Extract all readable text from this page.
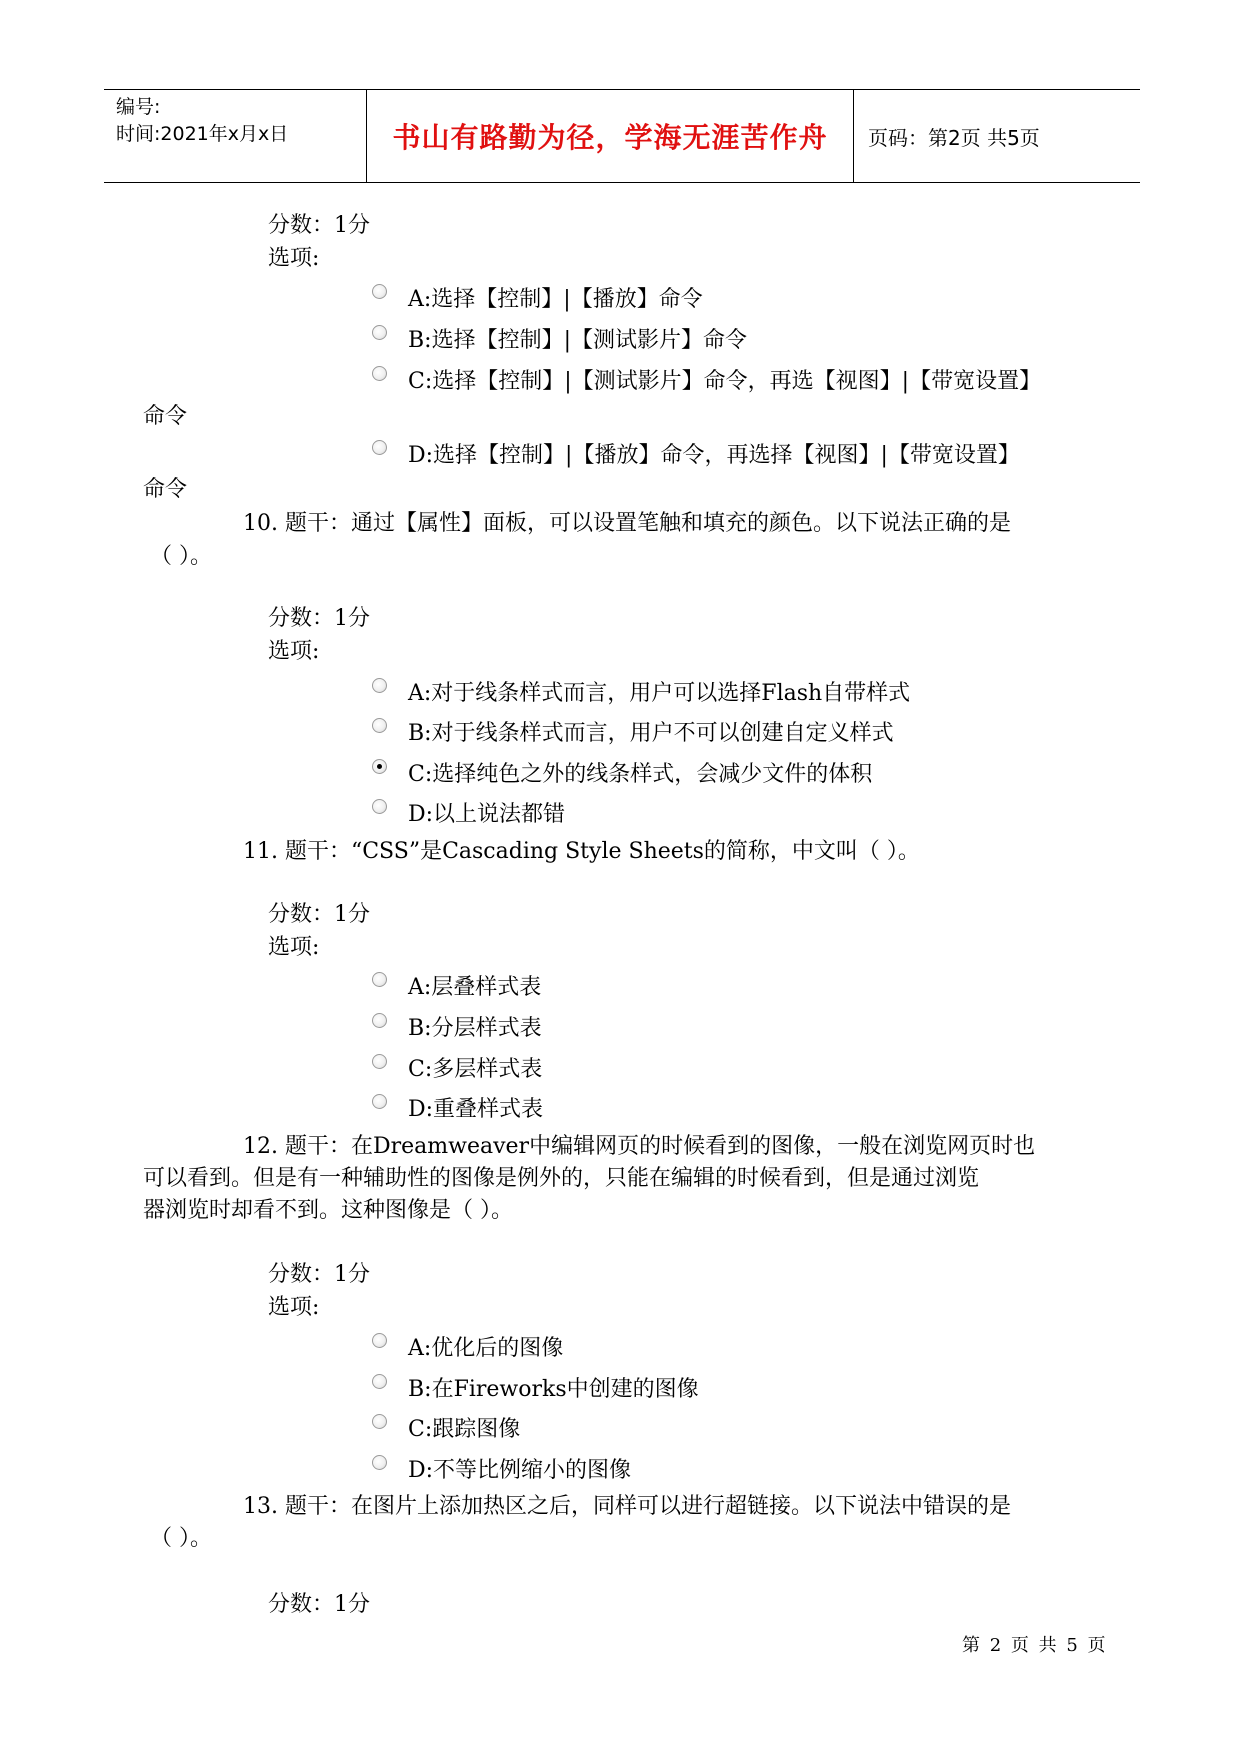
编号:
时间:2021年x月x日	书山有路勤为径，学海无涯苦作舟	页码：第2页 共5页
分数：1分
选项:
A:选择【控制】|【播放】命令
B:选择【控制】|【测试影片】命令
C:选择【控制】|【测试影片】命令，再选【视图】|【带宽设置】
命令
D:选择【控制】|【播放】命令，再选择【视图】|【带宽设置】
命令
10. 题干：通过【属性】面板，可以设置笔触和填充的颜色。以下说法正确的是
（ ）。
分数：1分
选项:
A:对于线条样式而言，用户可以选择Flash自带样式
B:对于线条样式而言，用户不可以创建自定义样式
C:选择纯色之外的线条样式，会减少文件的体积
D:以上说法都错
11. 题干：“CSS”是Cascading Style Sheets的简称，中文叫（ ）。
分数：1分
选项:
A:层叠样式表
B:分层样式表
C:多层样式表
D:重叠样式表
12. 题干：在Dreamweaver中编辑网页的时候看到的图像，一般在浏览网页时也
可以看到。但是有一种辅助性的图像是例外的，只能在编辑的时候看到，但是通过浏览
器浏览时却看不到。这种图像是（ ）。
分数：1分
选项:
A:优化后的图像
B:在Fireworks中创建的图像
C:跟踪图像
D:不等比例缩小的图像
13. 题干：在图片上添加热区之后，同样可以进行超链接。以下说法中错误的是
（ ）。
分数：1分
第 2 页 共 5 页
